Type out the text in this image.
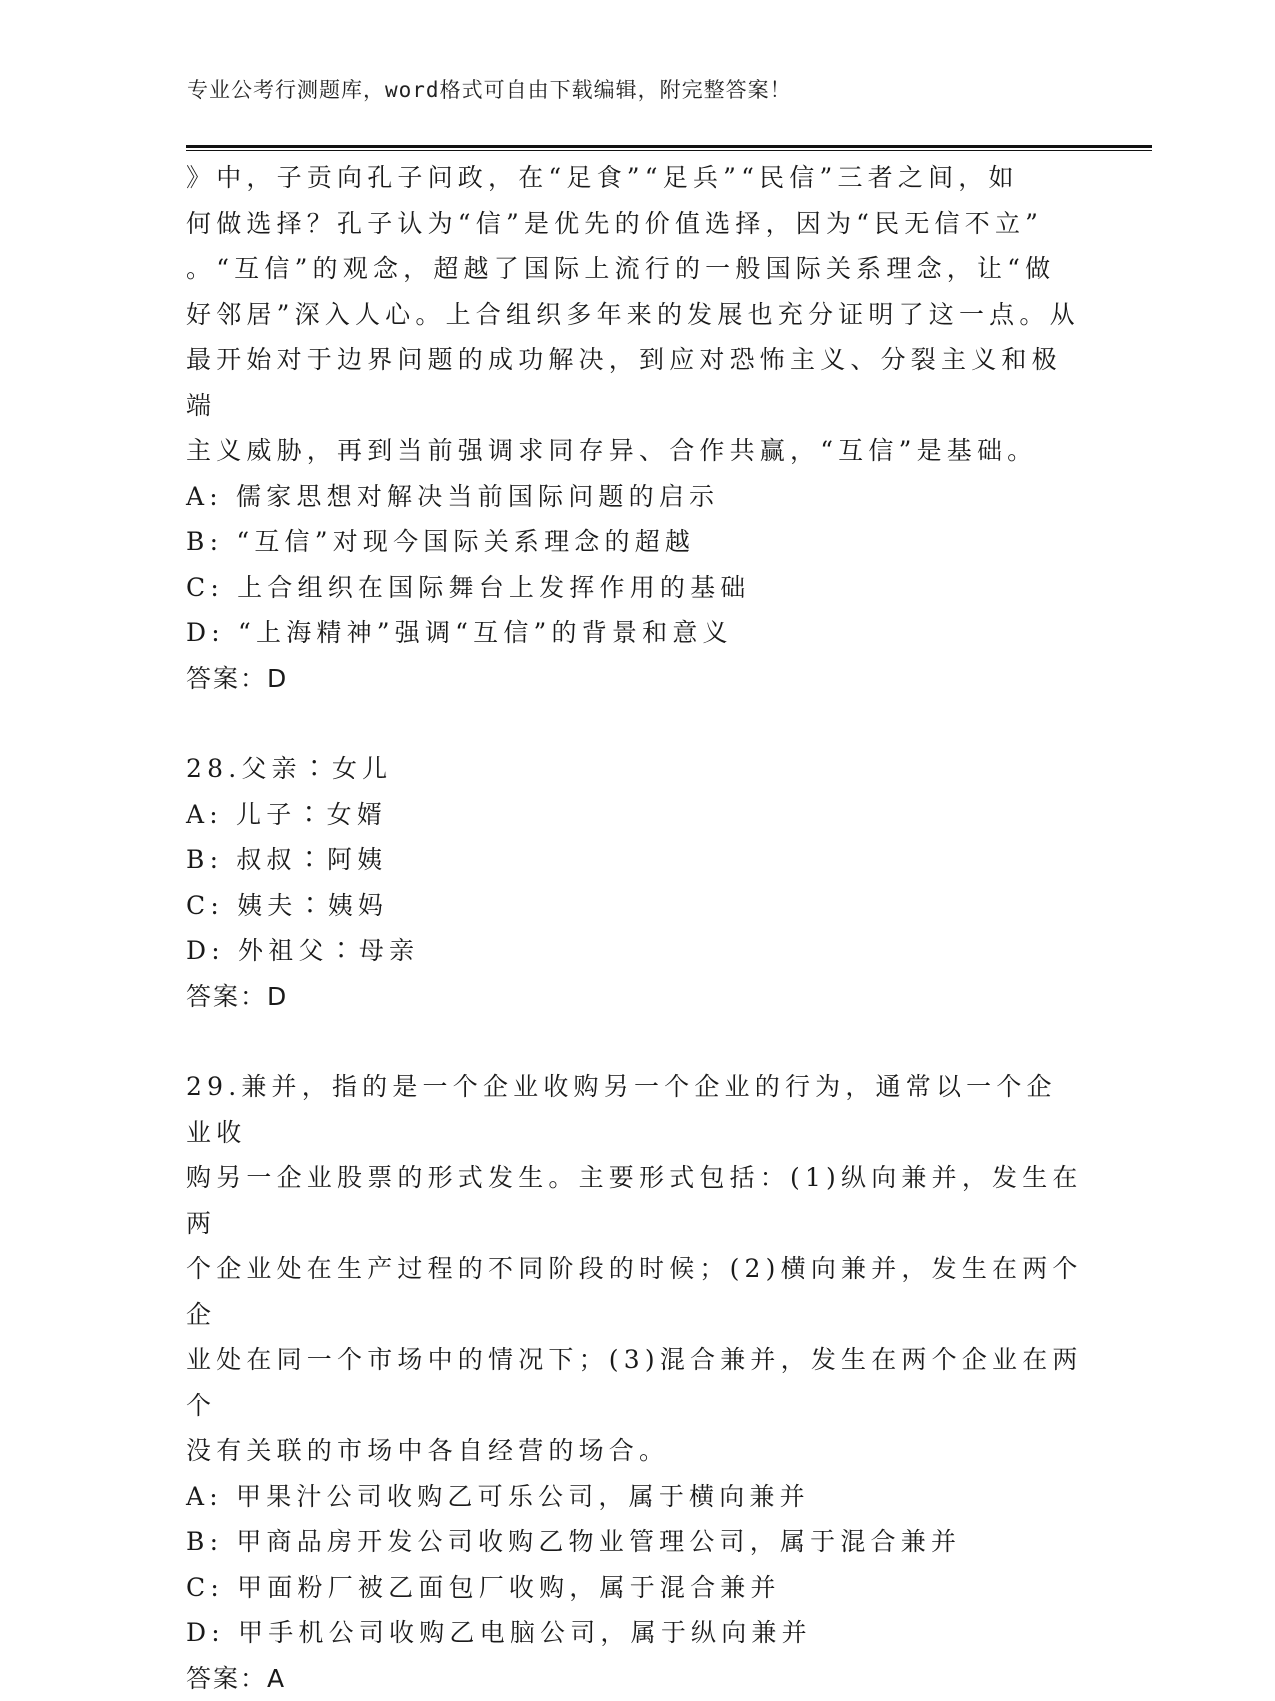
专业公考行测题库，word格式可自由下载编辑，附完整答案！

》中，子贡向孔子问政，在“足食”“足兵”“民信”三者之间，如

何做选择？孔子认为“信”是优先的价值选择，因为“民无信不立”

。“互信”的观念，超越了国际上流行的一般国际关系理念，让“做

好邻居”深入人心。上合组织多年来的发展也充分证明了这一点。从

最开始对于边界问题的成功解决，到应对恐怖主义、分裂主义和极端

主义威胁，再到当前强调求同存异、合作共赢，“互信”是基础。

A: 儒家思想对解决当前国际问题的启示

B: “互信”对现今国际关系理念的超越

C: 上合组织在国际舞台上发挥作用的基础

D: “上海精神”强调“互信”的背景和意义

答案：D

28.父亲∶女儿

A: 儿子∶女婿

B: 叔叔∶阿姨

C: 姨夫∶姨妈

D: 外祖父∶母亲

答案：D

29.兼并，指的是一个企业收购另一个企业的行为，通常以一个企业收

购另一企业股票的形式发生。主要形式包括：(1)纵向兼并，发生在两

个企业处在生产过程的不同阶段的时候；(2)横向兼并，发生在两个企

业处在同一个市场中的情况下；(3)混合兼并，发生在两个企业在两个

没有关联的市场中各自经营的场合。

A: 甲果汁公司收购乙可乐公司，属于横向兼并

B: 甲商品房开发公司收购乙物业管理公司，属于混合兼并

C: 甲面粉厂被乙面包厂收购，属于混合兼并

D: 甲手机公司收购乙电脑公司，属于纵向兼并

答案：A
